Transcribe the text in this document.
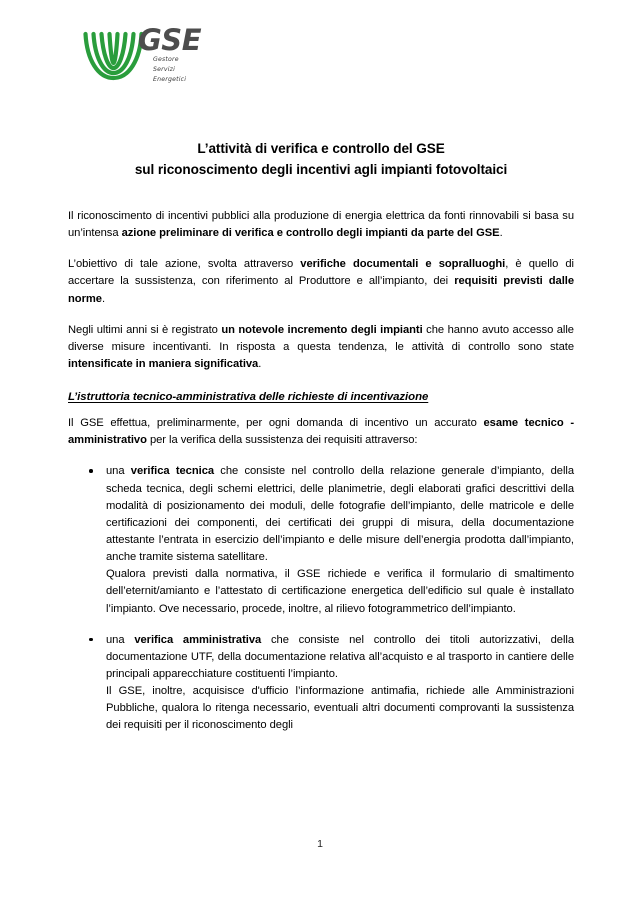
GSE
Gestore
Servizi
Energetici
L’attività di verifica e controllo del GSE
sul riconoscimento degli incentivi agli impianti fotovoltaici

Il riconoscimento di incentivi pubblici alla produzione di energia elettrica da fonti rinnovabili si basa su un’intensa azione preliminare di verifica e controllo degli impianti da parte del GSE.

L’obiettivo di tale azione, svolta attraverso verifiche documentali e sopralluoghi, è quello di accertare la sussistenza, con riferimento al Produttore e all’impianto, dei requisiti previsti dalle norme.

Negli ultimi anni si è registrato un notevole incremento degli impianti che hanno avuto accesso alle diverse misure incentivanti. In risposta a questa tendenza, le attività di controllo sono state intensificate in maniera significativa.

L’istruttoria tecnico-amministrativa delle richieste di incentivazione

Il GSE effettua, preliminarmente, per ogni domanda di incentivo un accurato esame tecnico - amministrativo per la verifica della sussistenza dei requisiti attraverso:

una verifica tecnica che consiste nel controllo della relazione generale d’impianto, della scheda tecnica, degli schemi elettrici, delle planimetrie, degli elaborati grafici descrittivi della modalità di posizionamento dei moduli, delle fotografie dell’impianto, delle matricole e delle certificazioni dei componenti, dei certificati dei gruppi di misura, della documentazione attestante l’entrata in esercizio dell’impianto e delle misure dell’energia prodotta dall’impianto, anche tramite sistema satellitare.
Qualora previsti dalla normativa, il GSE richiede e verifica il formulario di smaltimento dell’eternit/amianto e l’attestato di certificazione energetica dell’edificio sul quale è installato l’impianto. Ove necessario, procede, inoltre, al rilievo fotogrammetrico dell’impianto.
una verifica amministrativa che consiste nel controllo dei titoli autorizzativi, della documentazione UTF, della documentazione relativa all’acquisto e al trasporto in cantiere delle principali apparecchiature costituenti l’impianto.
Il GSE, inoltre, acquisisce d'ufficio l’informazione antimafia, richiede alle Amministrazioni Pubbliche, qualora lo ritenga necessario, eventuali altri documenti comprovanti la sussistenza dei requisiti per il riconoscimento degli
1
